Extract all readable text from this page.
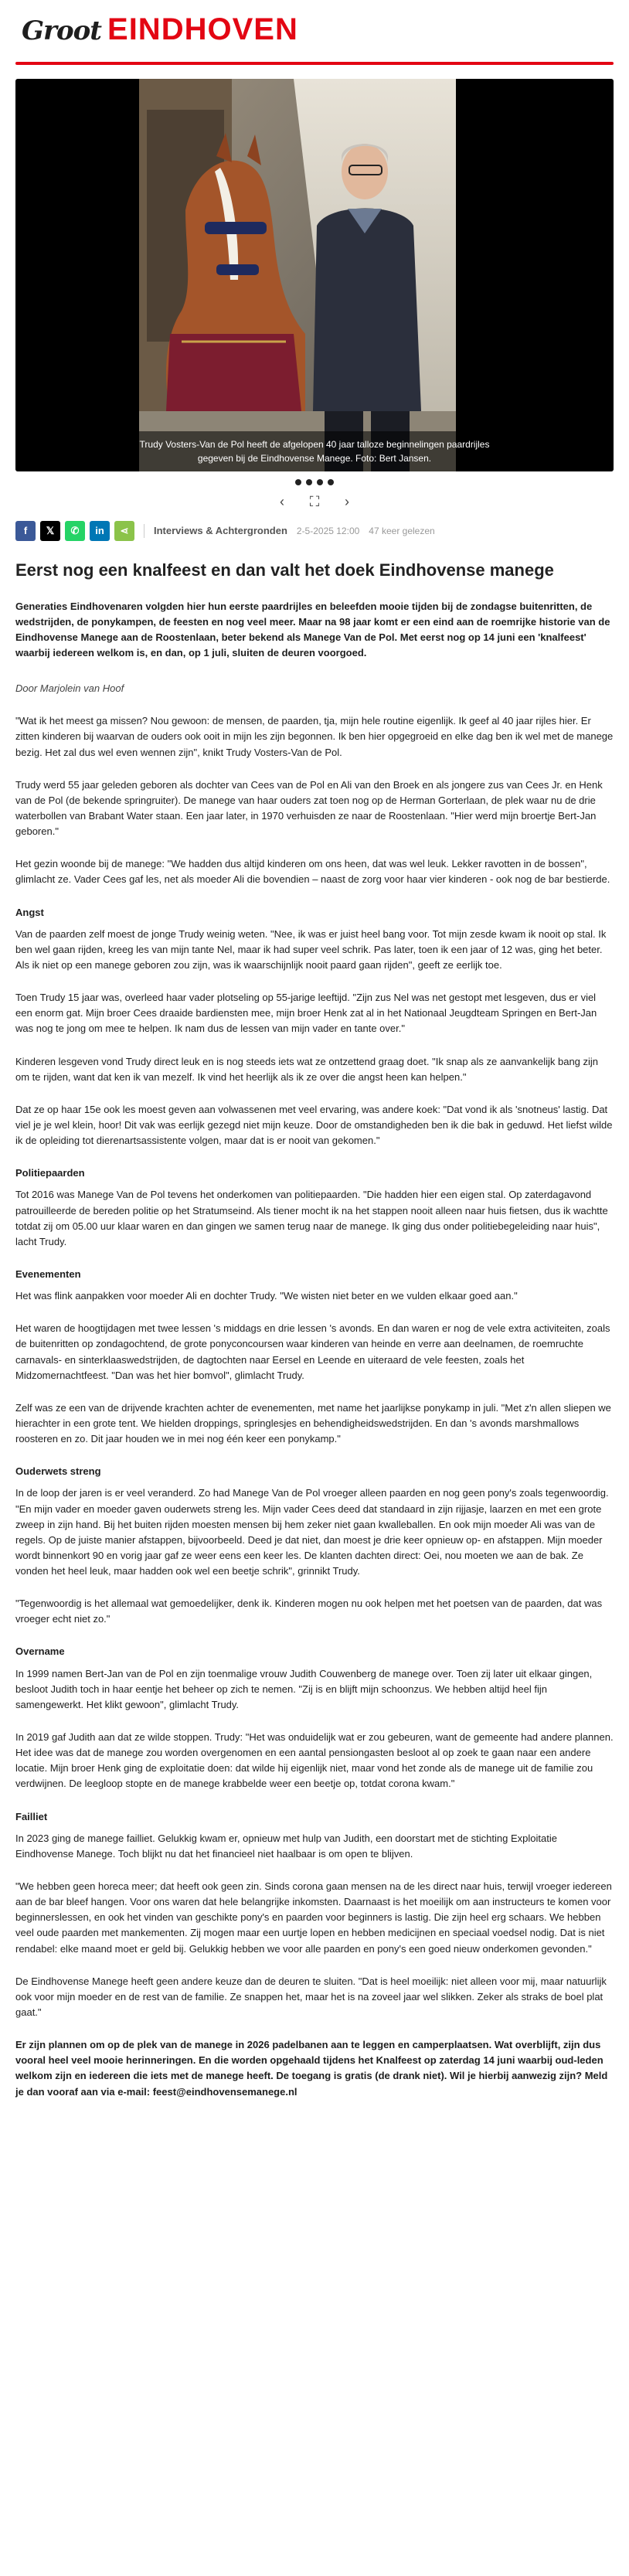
Groot EINDHOVEN
Trudy Vosters-Van de Pol heeft de afgelopen 40 jaar talloze beginnelingen paardrijles gegeven bij de Eindhovense Manege. Foto: Bert Jansen.
‹	⛶	›
f	𝕏	✆	in	⋖	Interviews & Achtergronden 2-5-2025 12:00 47 keer gelezen
Eerst nog een knalfeest en dan valt het doek Eindhovense manege

Generaties Eindhovenaren volgden hier hun eerste paardrijles en beleefden mooie tijden bij de zondagse buitenritten, de wedstrijden, de ponykampen, de feesten en nog veel meer. Maar na 98 jaar komt er een eind aan de roemrijke historie van de Eindhovense Manege aan de Roostenlaan, beter bekend als Manege Van de Pol. Met eerst nog op 14 juni een 'knalfeest' waarbij iedereen welkom is, en dan, op 1 juli, sluiten de deuren voorgoed.

Door Marjolein van Hoof

"Wat ik het meest ga missen? Nou gewoon: de mensen, de paarden, tja, mijn hele routine eigenlijk. Ik geef al 40 jaar rijles hier. Er zitten kinderen bij waarvan de ouders ook ooit in mijn les zijn begonnen. Ik ben hier opgegroeid en elke dag ben ik wel met de manege bezig. Het zal dus wel even wennen zijn", knikt Trudy Vosters-Van de Pol.

Trudy werd 55 jaar geleden geboren als dochter van Cees van de Pol en Ali van den Broek en als jongere zus van Cees Jr. en Henk van de Pol (de bekende springruiter). De manege van haar ouders zat toen nog op de Herman Gorterlaan, de plek waar nu de drie waterbollen van Brabant Water staan. Een jaar later, in 1970 verhuisden ze naar de Roostenlaan. "Hier werd mijn broertje Bert-Jan geboren."

Het gezin woonde bij de manege: "We hadden dus altijd kinderen om ons heen, dat was wel leuk. Lekker ravotten in de bossen", glimlacht ze. Vader Cees gaf les, net als moeder Ali die bovendien – naast de zorg voor haar vier kinderen - ook nog de bar bestierde.

Angst

Van de paarden zelf moest de jonge Trudy weinig weten. "Nee, ik was er juist heel bang voor. Tot mijn zesde kwam ik nooit op stal. Ik ben wel gaan rijden, kreeg les van mijn tante Nel, maar ik had super veel schrik. Pas later, toen ik een jaar of 12 was, ging het beter. Als ik niet op een manege geboren zou zijn, was ik waarschijnlijk nooit paard gaan rijden", geeft ze eerlijk toe.

Toen Trudy 15 jaar was, overleed haar vader plotseling op 55-jarige leeftijd. "Zijn zus Nel was net gestopt met lesgeven, dus er viel een enorm gat. Mijn broer Cees draaide bardiensten mee, mijn broer Henk zat al in het Nationaal Jeugdteam Springen en Bert-Jan was nog te jong om mee te helpen. Ik nam dus de lessen van mijn vader en tante over."

Kinderen lesgeven vond Trudy direct leuk en is nog steeds iets wat ze ontzettend graag doet. "Ik snap als ze aanvankelijk bang zijn om te rijden, want dat ken ik van mezelf. Ik vind het heerlijk als ik ze over die angst heen kan helpen."

Dat ze op haar 15e ook les moest geven aan volwassenen met veel ervaring, was andere koek: "Dat vond ik als 'snotneus' lastig. Dat viel je je wel klein, hoor! Dit vak was eerlijk gezegd niet mijn keuze. Door de omstandigheden ben ik die bak in geduwd. Het liefst wilde ik de opleiding tot dierenartsassistente volgen, maar dat is er nooit van gekomen."

Politiepaarden

Tot 2016 was Manege Van de Pol tevens het onderkomen van politiepaarden. "Die hadden hier een eigen stal. Op zaterdagavond patrouilleerde de bereden politie op het Stratumseind. Als tiener mocht ik na het stappen nooit alleen naar huis fietsen, dus ik wachtte totdat zij om 05.00 uur klaar waren en dan gingen we samen terug naar de manege. Ik ging dus onder politiebegeleiding naar huis", lacht Trudy.

Evenementen

Het was flink aanpakken voor moeder Ali en dochter Trudy. "We wisten niet beter en we vulden elkaar goed aan."

Het waren de hoogtijdagen met twee lessen 's middags en drie lessen 's avonds. En dan waren er nog de vele extra activiteiten, zoals de buitenritten op zondagochtend, de grote ponyconcoursen waar kinderen van heinde en verre aan deelnamen, de roemruchte carnavals- en sinterklaaswedstrijden, de dagtochten naar Eersel en Leende en uiteraard de vele feesten, zoals het Midzomernachtfeest. "Dan was het hier bomvol", glimlacht Trudy.

Zelf was ze een van de drijvende krachten achter de evenementen, met name het jaarlijkse ponykamp in juli. "Met z'n allen sliepen we hierachter in een grote tent. We hielden droppings, springlesjes en behendigheidswedstrijden. En dan 's avonds marshmallows roosteren en zo. Dit jaar houden we in mei nog één keer een ponykamp."

Ouderwets streng

In de loop der jaren is er veel veranderd. Zo had Manege Van de Pol vroeger alleen paarden en nog geen pony's zoals tegenwoordig. "En mijn vader en moeder gaven ouderwets streng les. Mijn vader Cees deed dat standaard in zijn rijjasje, laarzen en met een grote zweep in zijn hand. Bij het buiten rijden moesten mensen bij hem zeker niet gaan kwalleballen. En ook mijn moeder Ali was van de regels. Op de juiste manier afstappen, bijvoorbeeld. Deed je dat niet, dan moest je drie keer opnieuw op- en afstappen. Mijn moeder wordt binnenkort 90 en vorig jaar gaf ze weer eens een keer les. De klanten dachten direct: Oei, nou moeten we aan de bak. Ze vonden het heel leuk, maar hadden ook wel een beetje schrik", grinnikt Trudy.

"Tegenwoordig is het allemaal wat gemoedelijker, denk ik. Kinderen mogen nu ook helpen met het poetsen van de paarden, dat was vroeger echt niet zo."

Overname

In 1999 namen Bert-Jan van de Pol en zijn toenmalige vrouw Judith Couwenberg de manege over. Toen zij later uit elkaar gingen, besloot Judith toch in haar eentje het beheer op zich te nemen. "Zij is en blijft mijn schoonzus. We hebben altijd heel fijn samengewerkt. Het klikt gewoon", glimlacht Trudy.

In 2019 gaf Judith aan dat ze wilde stoppen. Trudy: "Het was onduidelijk wat er zou gebeuren, want de gemeente had andere plannen. Het idee was dat de manege zou worden overgenomen en een aantal pensiongasten besloot al op zoek te gaan naar een andere locatie. Mijn broer Henk ging de exploitatie doen: dat wilde hij eigenlijk niet, maar vond het zonde als de manege uit de familie zou verdwijnen. De leegloop stopte en de manege krabbelde weer een beetje op, totdat corona kwam."

Failliet

In 2023 ging de manege failliet. Gelukkig kwam er, opnieuw met hulp van Judith, een doorstart met de stichting Exploitatie Eindhovense Manege. Toch blijkt nu dat het financieel niet haalbaar is om open te blijven.

"We hebben geen horeca meer; dat heeft ook geen zin. Sinds corona gaan mensen na de les direct naar huis, terwijl vroeger iedereen aan de bar bleef hangen. Voor ons waren dat hele belangrijke inkomsten. Daarnaast is het moeilijk om aan instructeurs te komen voor beginnerslessen, en ook het vinden van geschikte pony's en paarden voor beginners is lastig. Die zijn heel erg schaars. We hebben veel oude paarden met mankementen. Zij mogen maar een uurtje lopen en hebben medicijnen en speciaal voedsel nodig. Dat is niet rendabel: elke maand moet er geld bij. Gelukkig hebben we voor alle paarden en pony's een goed nieuw onderkomen gevonden."

De Eindhovense Manege heeft geen andere keuze dan de deuren te sluiten. "Dat is heel moeilijk: niet alleen voor mij, maar natuurlijk ook voor mijn moeder en de rest van de familie. Ze snappen het, maar het is na zoveel jaar wel slikken. Zeker als straks de boel plat gaat."

Er zijn plannen om op de plek van de manege in 2026 padelbanen aan te leggen en camperplaatsen. Wat overblijft, zijn dus vooral heel veel mooie herinneringen. En die worden opgehaald tijdens het Knalfeest op zaterdag 14 juni waarbij oud-leden welkom zijn en iedereen die iets met de manege heeft. De toegang is gratis (de drank niet). Wil je hierbij aanwezig zijn? Meld je dan vooraf aan via e-mail: feest@eindhovensemanege.nl
